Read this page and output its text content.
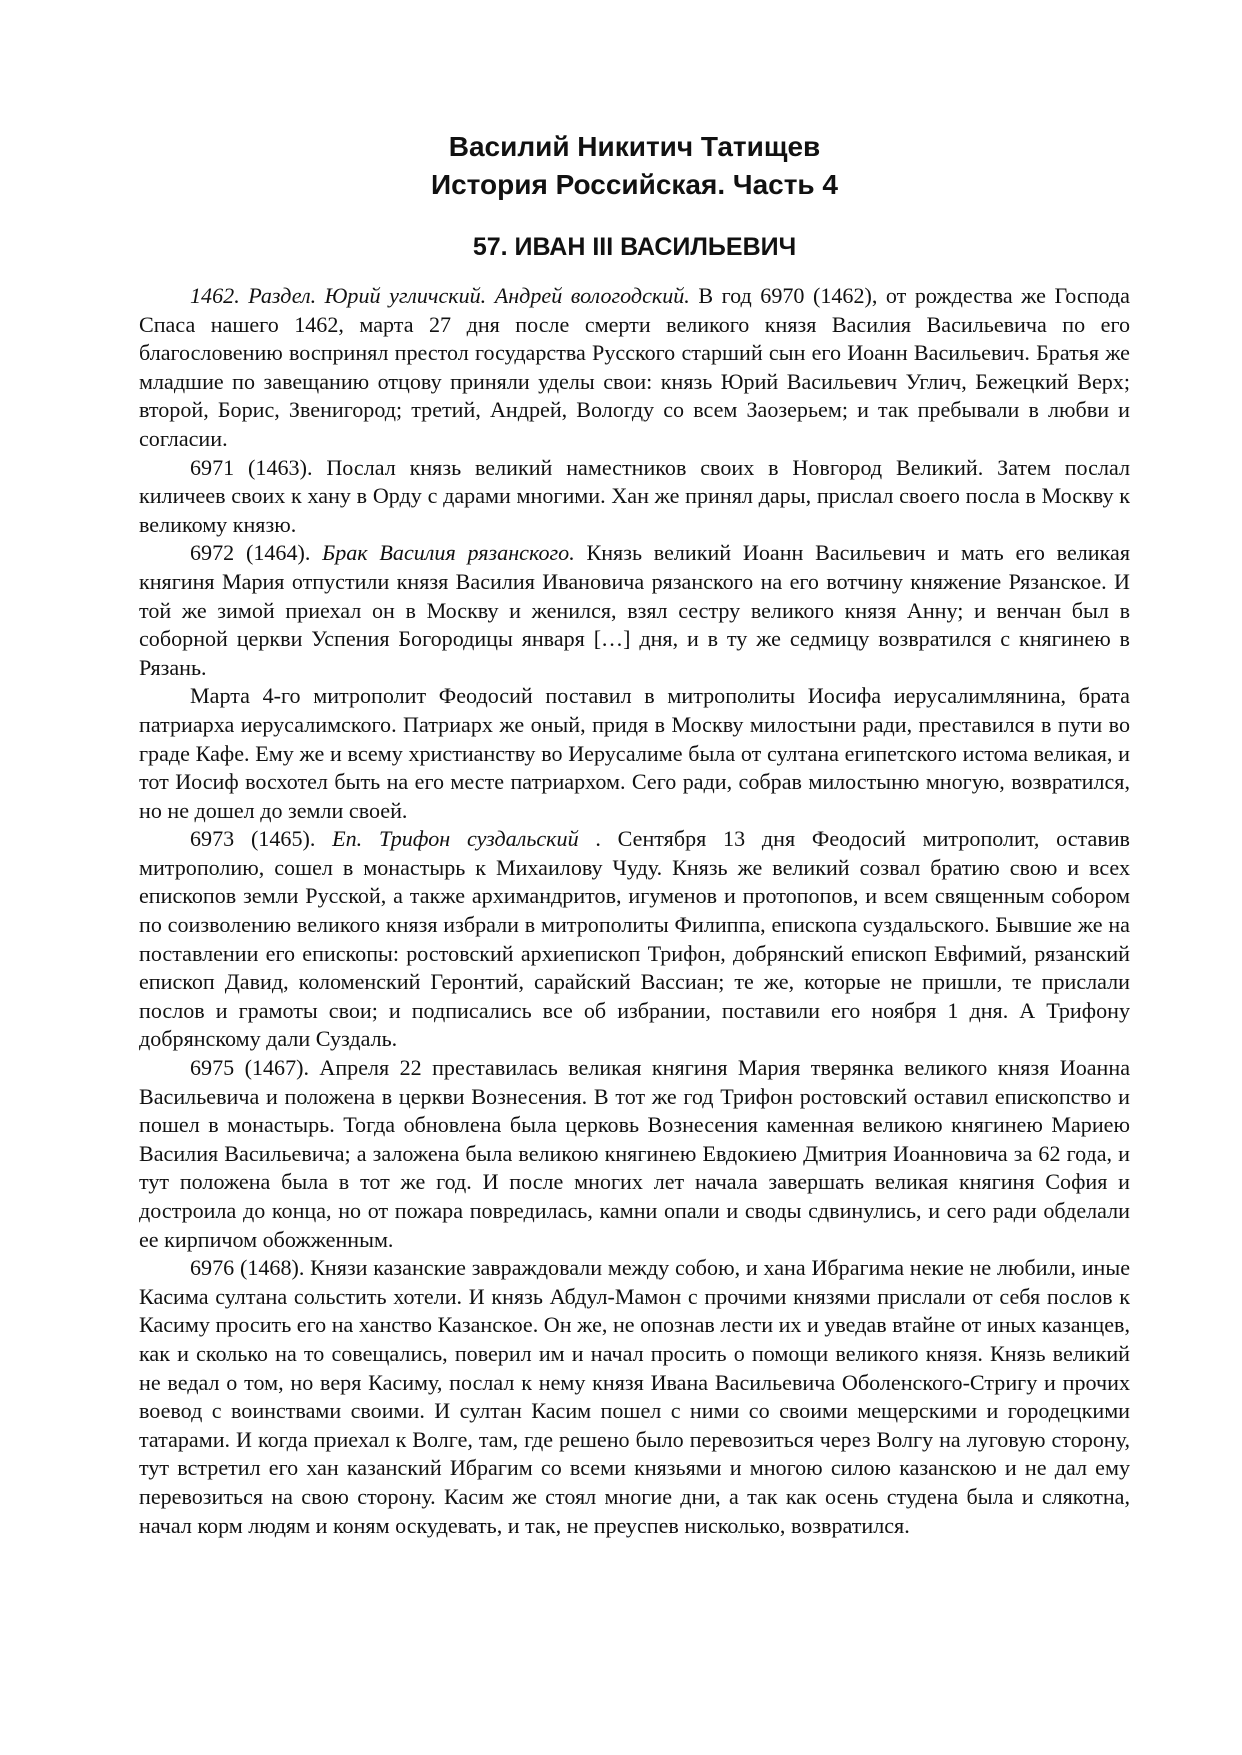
Василий Никитич Татищев
История Российская. Часть 4
57. ИВАН III ВАСИЛЬЕВИЧ

1462. Раздел. Юрий угличский. Андрей вологодский. В год 6970 (1462), от рождества же Господа Спаса нашего 1462, марта 27 дня после смерти великого князя Василия Васильевича по его благословению воспринял престол государства Русского старший сын его Иоанн Васильевич. Братья же младшие по завещанию отцову приняли уделы свои: князь Юрий Васильевич Углич, Бежецкий Верх; второй, Борис, Звенигород; третий, Андрей, Вологду со всем Заозерьем; и так пребывали в любви и согласии.

6971 (1463). Послал князь великий наместников своих в Новгород Великий. Затем послал киличеев своих к хану в Орду с дарами многими. Хан же принял дары, прислал своего посла в Москву к великому князю.

6972 (1464). Брак Василия рязанского. Князь великий Иоанн Васильевич и мать его великая княгиня Мария отпустили князя Василия Ивановича рязанского на его вотчину княжение Рязанское. И той же зимой приехал он в Москву и женился, взял сестру великого князя Анну; и венчан был в соборной церкви Успения Богородицы января […] дня, и в ту же седмицу возвратился с княгинею в Рязань.

Марта 4-го митрополит Феодосий поставил в митрополиты Иосифа иерусалимлянина, брата патриарха иерусалимского. Патриарх же оный, придя в Москву милостыни ради, преставился в пути во граде Кафе. Ему же и всему христианству во Иерусалиме была от султана египетского истома великая, и тот Иосиф восхотел быть на его месте патриархом. Сего ради, собрав милостыню многую, возвратился, но не дошел до земли своей.

6973 (1465). Еп. Трифон суздальский . Сентября 13 дня Феодосий митрополит, оставив митрополию, сошел в монастырь к Михаилову Чуду. Князь же великий созвал братию свою и всех епископов земли Русской, а также архимандритов, игуменов и протопопов, и всем священным собором по соизволению великого князя избрали в митрополиты Филиппа, епископа суздальского. Бывшие же на поставлении его епископы: ростовский архиепископ Трифон, добрянский епископ Евфимий, рязанский епископ Давид, коломенский Геронтий, сарайский Вассиан; те же, которые не пришли, те прислали послов и грамоты свои; и подписались все об избрании, поставили его ноября 1 дня. А Трифону добрянскому дали Суздаль.

6975 (1467). Апреля 22 преставилась великая княгиня Мария тверянка великого князя Иоанна Васильевича и положена в церкви Вознесения. В тот же год Трифон ростовский оставил епископство и пошел в монастырь. Тогда обновлена была церковь Вознесения каменная великою княгинею Мариею Василия Васильевича; а заложена была великою княгинею Евдокиею Дмитрия Иоанновича за 62 года, и тут положена была в тот же год. И после многих лет начала завершать великая княгиня София и достроила до конца, но от пожара повредилась, камни опали и своды сдвинулись, и сего ради обделали ее кирпичом обожженным.

6976 (1468). Князи казанские завраждовали между собою, и хана Ибрагима некие не любили, иные Касима султана сольстить хотели. И князь Абдул-Мамон с прочими князями прислали от себя послов к Касиму просить его на ханство Казанское. Он же, не опознав лести их и уведав втайне от иных казанцев, как и сколько на то совещались, поверил им и начал просить о помощи великого князя. Князь великий не ведал о том, но веря Касиму, послал к нему князя Ивана Васильевича Оболенского-Стригу и прочих воевод с воинствами своими. И султан Касим пошел с ними со своими мещерскими и городецкими татарами. И когда приехал к Волге, там, где решено было перевозиться через Волгу на луговую сторону, тут встретил его хан казанский Ибрагим со всеми князьями и многою силою казанскою и не дал ему перевозиться на свою сторону. Касим же стоял многие дни, а так как осень студена была и слякотна, начал корм людям и коням оскудевать, и так, не преуспев нисколько, возвратился.
